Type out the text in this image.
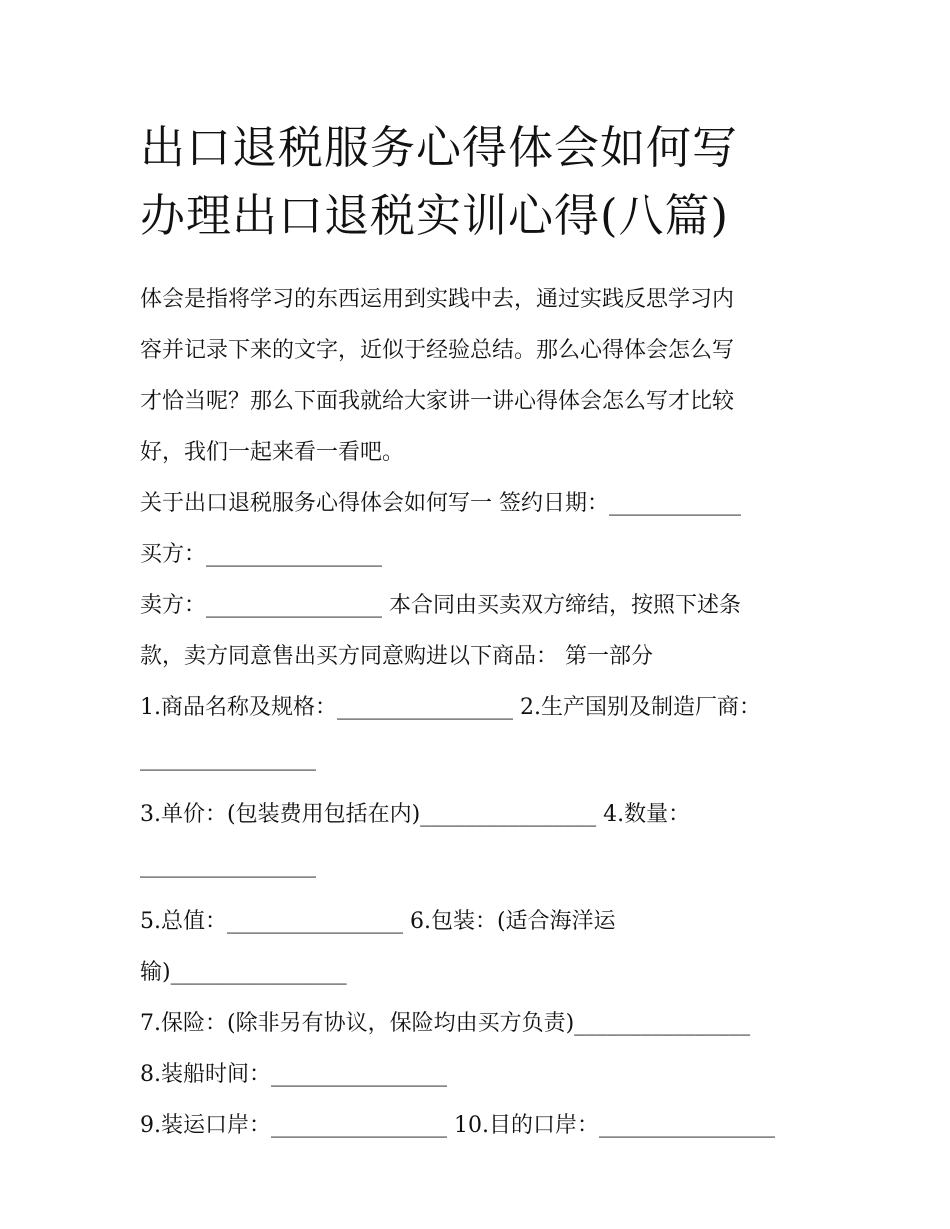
出口退税服务心得体会如何写
办理出口退税实训心得(八篇)
体会是指将学习的东西运用到实践中去，通过实践反思学习内
容并记录下来的文字，近似于经验总结。那么心得体会怎么写
才恰当呢？那么下面我就给大家讲一讲心得体会怎么写才比较
好，我们一起来看一看吧。
关于出口退税服务心得体会如何写一 签约日期：____________
买方：________________
卖方：________________ 本合同由买卖双方缔结，按照下述条
款，卖方同意售出买方同意购进以下商品： 第一部分
1.商品名称及规格：________________ 2.生产国别及制造厂商：
________________
3.单价：(包装费用包括在内)________________ 4.数量：
________________
5.总值：________________ 6.包装：(适合海洋运
输)________________
7.保险：(除非另有协议，保险均由买方负责)________________
8.装船时间：________________
9.装运口岸：________________ 10.目的口岸：________________
